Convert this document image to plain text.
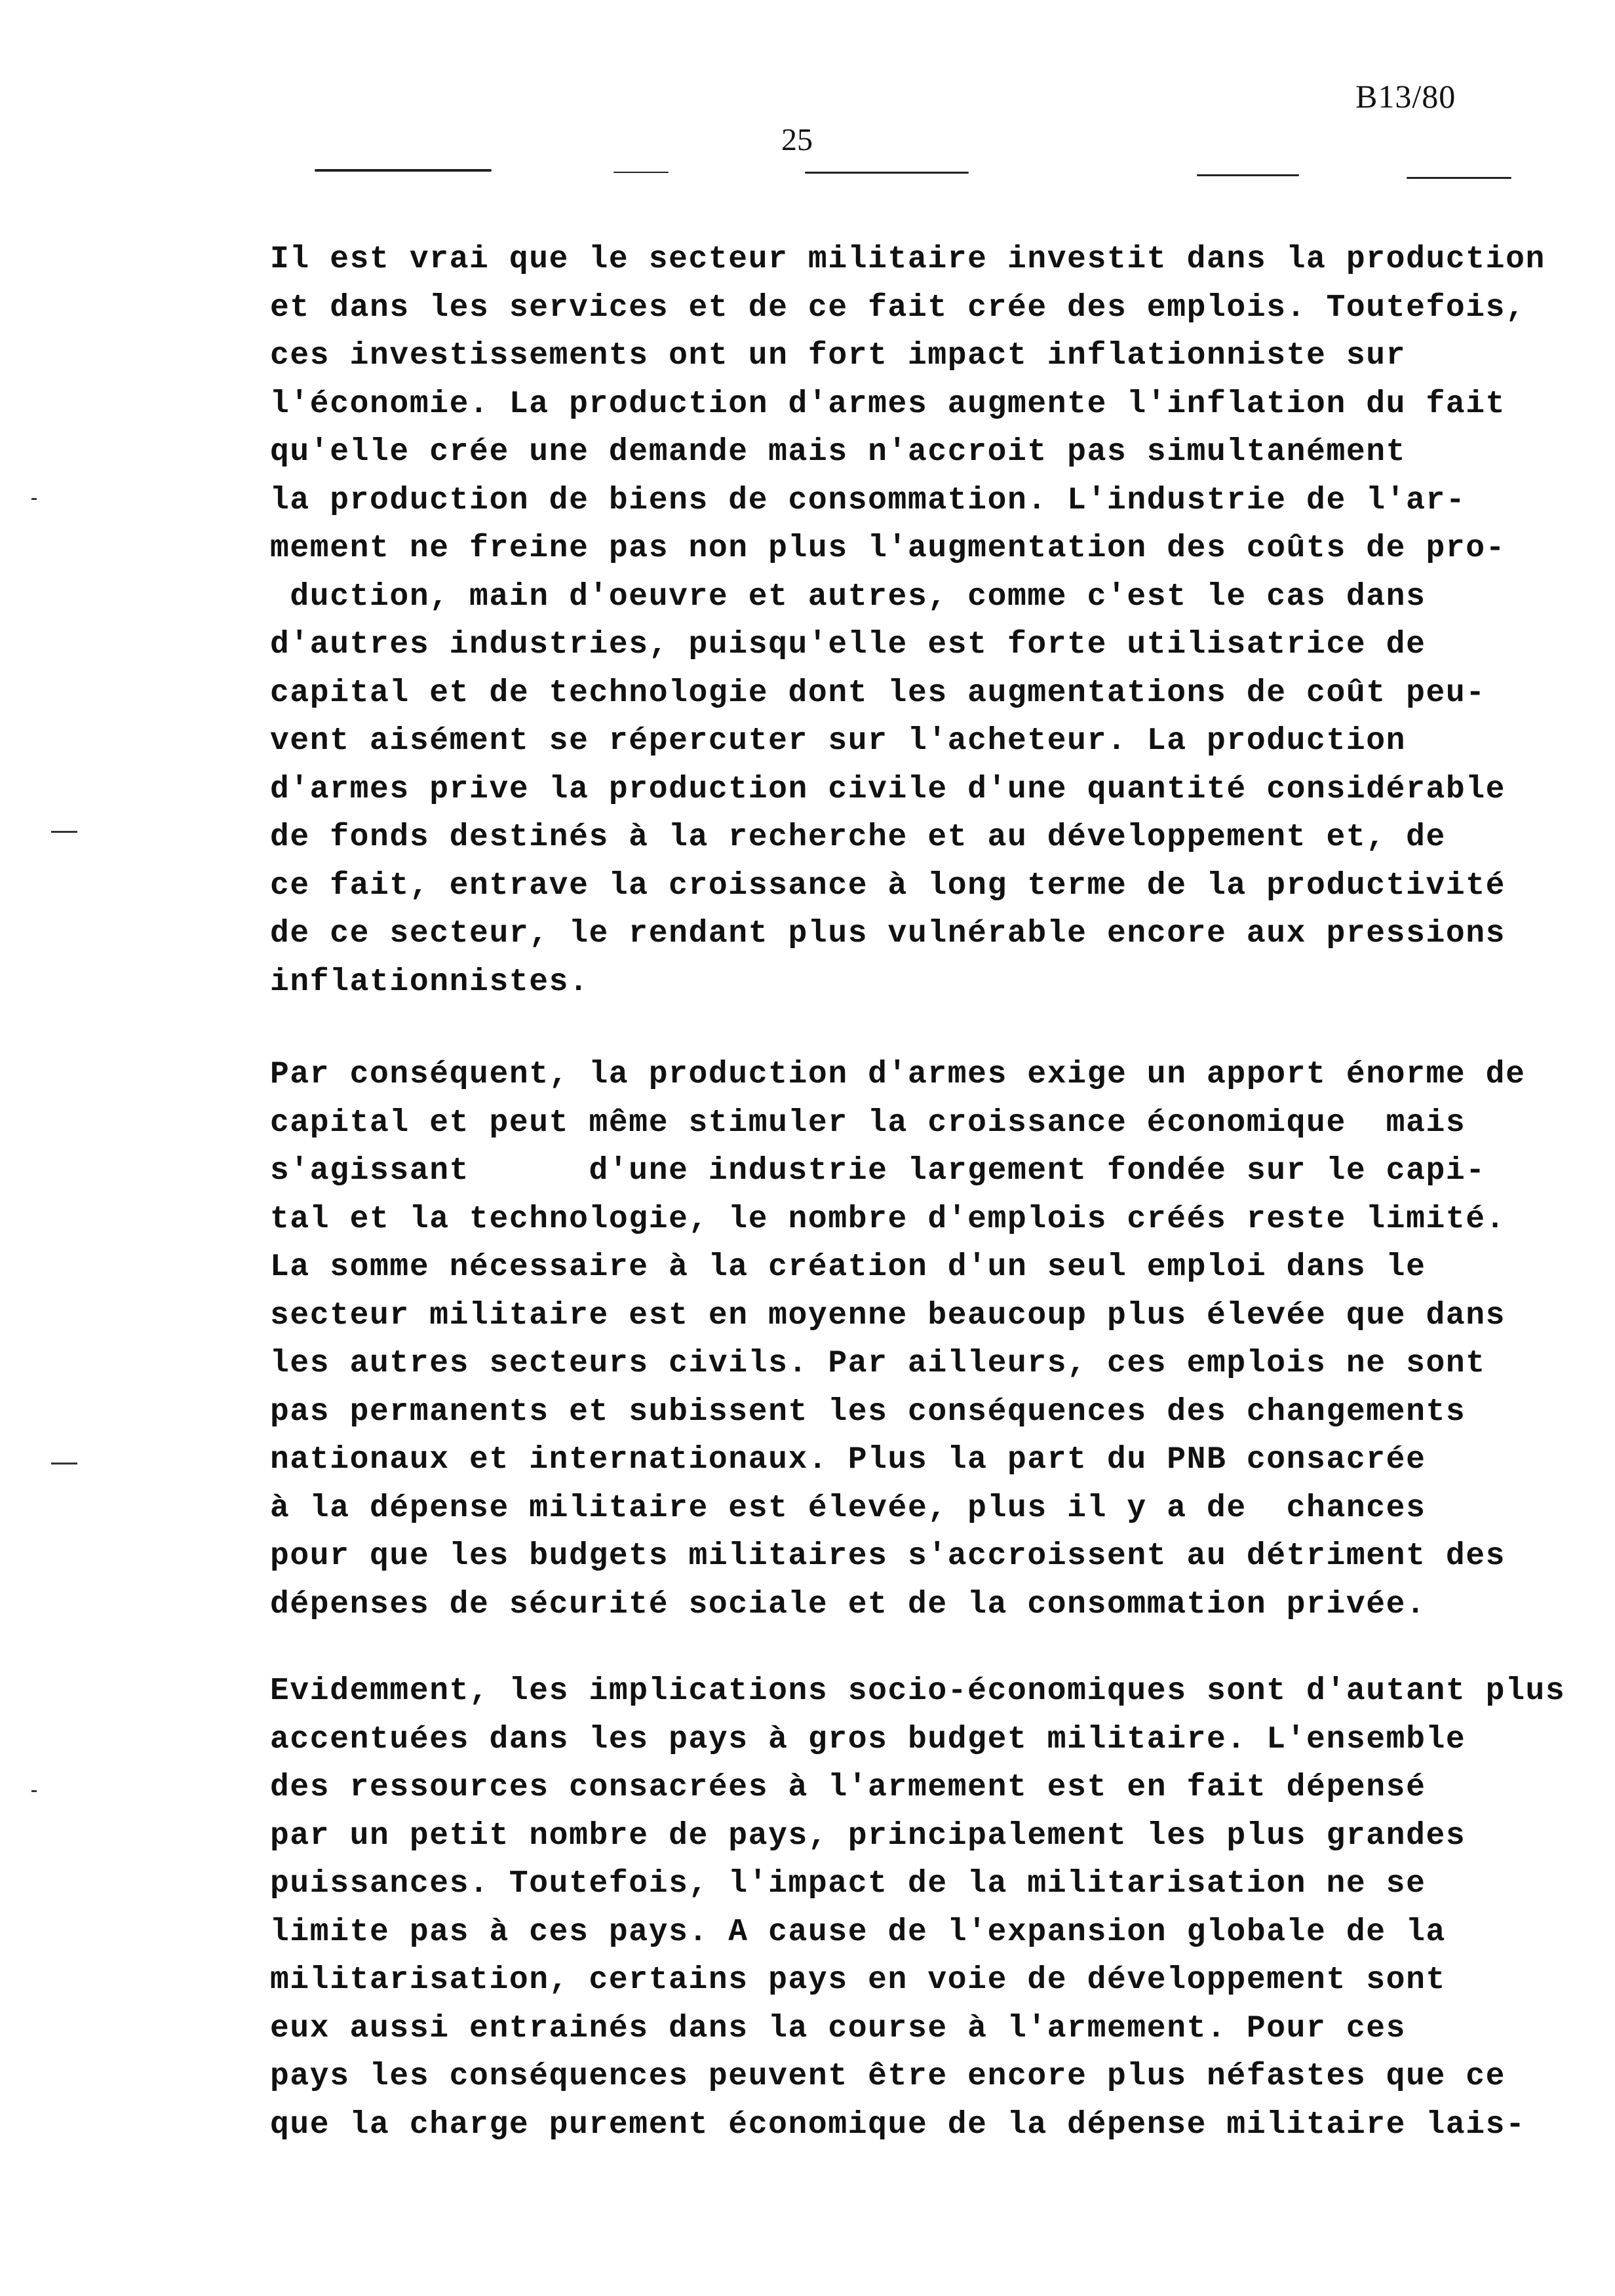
B13/80
25
Il est vrai que le secteur militaire investit dans la production
et dans les services et de ce fait crée des emplois. Toutefois,
ces investissements ont un fort impact inflationniste sur
l'économie. La production d'armes augmente l'inflation du fait
qu'elle crée une demande mais n'accroit pas simultanément
la production de biens de consommation. L'industrie de l'ar-
mement ne freine pas non plus l'augmentation des coûts de pro-
duction, main d'oeuvre et autres, comme c'est le cas dans
d'autres industries, puisqu'elle est forte utilisatrice de
capital et de technologie dont les augmentations de coût peu-
vent aisément se répercuter sur l'acheteur. La production
d'armes prive la production civile d'une quantité considérable
de fonds destinés à la recherche et au développement et, de
ce fait, entrave la croissance à long terme de la productivité
de ce secteur, le rendant plus vulnérable encore aux pressions
inflationnistes.
Par conséquent, la production d'armes exige un apport énorme de
capital et peut même stimuler la croissance économique  mais
s'agissant      d'une industrie largement fondée sur le capi-
tal et la technologie, le nombre d'emplois créés reste limité.
La somme nécessaire à la création d'un seul emploi dans le
secteur militaire est en moyenne beaucoup plus élevée que dans
les autres secteurs civils. Par ailleurs, ces emplois ne sont
pas permanents et subissent les conséquences des changements
nationaux et internationaux. Plus la part du PNB consacrée
à la dépense militaire est élevée, plus il y a de  chances
pour que les budgets militaires s'accroissent au détriment des
dépenses de sécurité sociale et de la consommation privée.
Evidemment, les implications socio-économiques sont d'autant plus
accentuées dans les pays à gros budget militaire. L'ensemble
des ressources consacrées à l'armement est en fait dépensé
par un petit nombre de pays, principalement les plus grandes
puissances. Toutefois, l'impact de la militarisation ne se
limite pas à ces pays. A cause de l'expansion globale de la
militarisation, certains pays en voie de développement sont
eux aussi entrainés dans la course à l'armement. Pour ces
pays les conséquences peuvent être encore plus néfastes que ce
que la charge purement économique de la dépense militaire lais-
